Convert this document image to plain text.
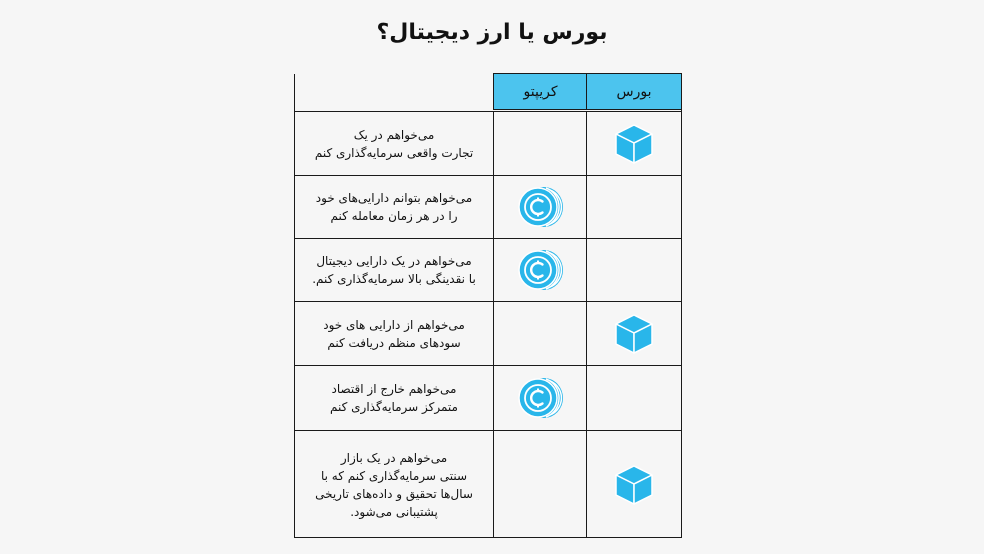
بورس یا ارز دیجیتال؟
کریپتو	بورس
می‌خواهم در یک
تجارت واقعی سرمایه‌گذاری کنم
می‌خواهم بتوانم دارایی‌های خود
را در هر زمان معامله کنم
می‌خواهم در یک دارایی دیجیتال
با نقدینگی بالا سرمایه‌گذاری کنم.
می‌خواهم از دارایی های خود
سودهای منظم دریافت کنم
می‌خواهم خارج از اقتصاد
متمرکز سرمایه‌گذاری کنم
می‌خواهم در یک بازار
سنتی سرمایه‌گذاری کنم که با
سال‌ها تحقیق و داده‌های تاریخی
پشتیبانی می‌شود.
